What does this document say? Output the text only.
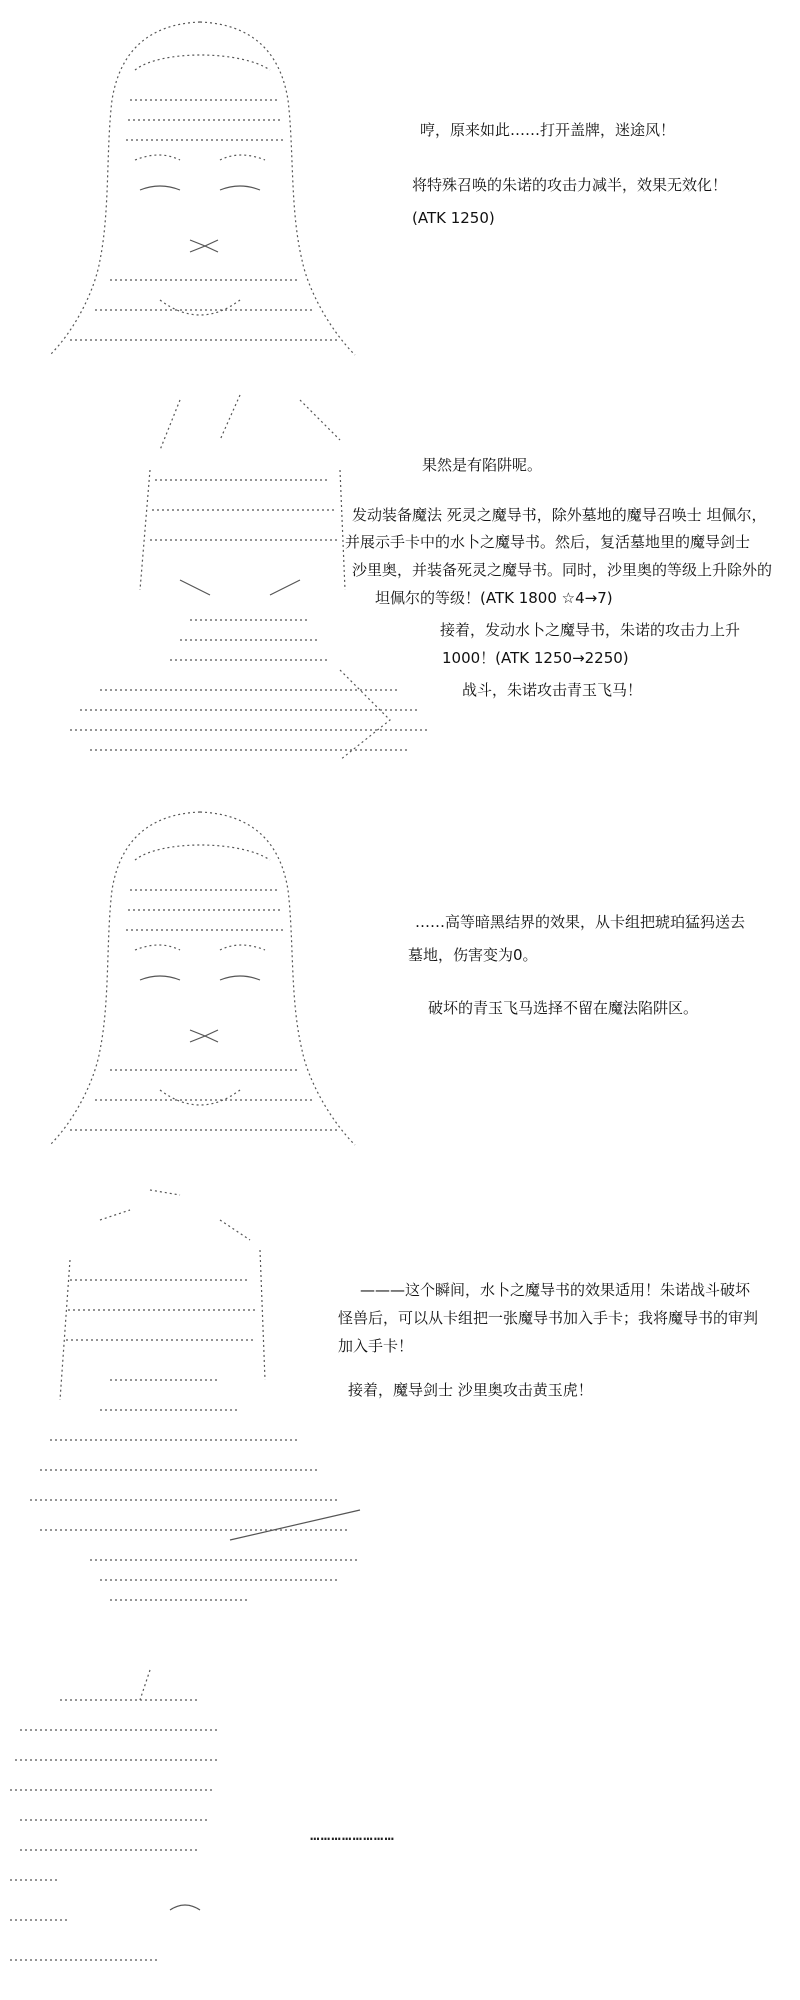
哼，原来如此……打开盖牌，迷途风！
将特殊召唤的朱诺的攻击力减半，效果无效化！
(ATK 1250)
果然是有陷阱呢。
发动装备魔法 死灵之魔导书，除外墓地的魔导召唤士 坦佩尔，
并展示手卡中的水卜之魔导书。然后，复活墓地里的魔导剑士
沙里奥，并装备死灵之魔导书。同时，沙里奥的等级上升除外的
坦佩尔的等级！(ATK 1800 ☆4→7)
接着，发动水卜之魔导书，朱诺的攻击力上升
1000！(ATK 1250→2250)
战斗，朱诺攻击青玉飞马！
……高等暗黑结界的效果，从卡组把琥珀猛犸送去
墓地，伤害变为0。
破坏的青玉飞马选择不留在魔法陷阱区。
———这个瞬间，水卜之魔导书的效果适用！朱诺战斗破坏
怪兽后，可以从卡组把一张魔导书加入手卡；我将魔导书的审判
加入手卡！
接着，魔导剑士 沙里奥攻击黄玉虎！
……………………
